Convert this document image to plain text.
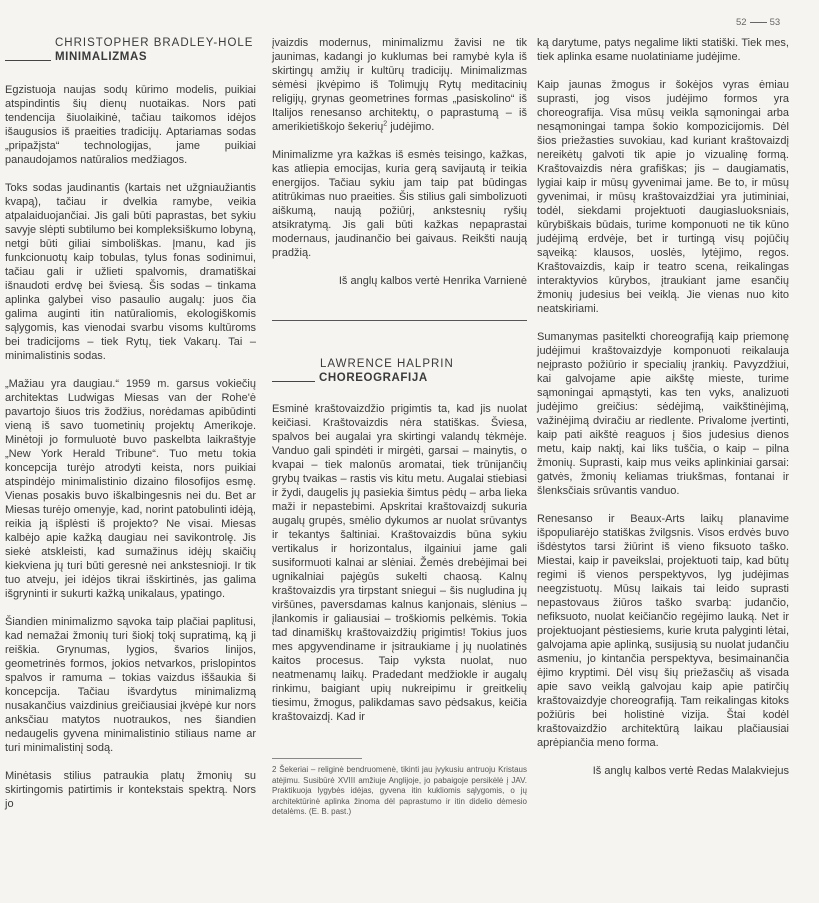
52 53
CHRISTOPHER BRADLEY-HOLE
MINIMALIZMAS

Egzistuoja naujas sodų kūrimo modelis, puikiai atspindintis šių dienų nuotaikas. Nors pati tendencija šiuolaikinė, tačiau taikomos idėjos išaugusios iš praeities tradicijų. Aptariamas sodas „pripažįsta“ technologijas, jame puikiai panaudojamos natūralios medžiagos.

Toks sodas jaudinantis (kartais net užgniaužiantis kvapą), tačiau ir dvelkia ramybe, veikia atpalaiduojančiai. Jis gali būti paprastas, bet sykiu savyje slėpti subtilumo bei kompleksiškumo lobyną, netgi būti giliai simboliškas. Įmanu, kad jis funkcionuotų kaip tobulas, tylus fonas sodinimui, tačiau gali ir užlieti spalvomis, dramatiškai išnaudoti erdvę bei šviesą. Šis sodas – tinkama aplinka galybei viso pasaulio augalų: juos čia galima auginti itin natūraliomis, ekologiškomis sąlygomis, kas vienodai svarbu visoms kultūroms bei tradicijoms – tiek Rytų, tiek Vakarų. Tai – minimalistinis sodas.

„Mažiau yra daugiau.“ 1959 m. garsus vokiečių architektas Ludwigas Miesas van der Rohe'ė pavartojo šiuos tris žodžius, norėdamas apibūdinti vieną iš savo tuometinių projektų Amerikoje. Minėtoji jo formuluotė buvo paskelbta laikraštyje „New York Herald Tribune“. Tuo metu tokia koncepcija turėjo atrodyti keista, nors puikiai atspindėjo minimalistinio dizaino filosofijos esmę. Vienas posakis buvo iškalbingesnis nei du. Bet ar Miesas turėjo omenyje, kad, norint patobulinti idėją, reikia ją išplėsti iš projekto? Ne visai. Miesas kalbėjo apie kažką daugiau nei savikontrolę. Jis siekė atskleisti, kad sumažinus idėjų skaičių kiekviena jų turi būti geresnė nei ankstesnioji. Ir tik tuo atveju, jei idėjos tikrai išskirtinės, jas galima išgryninti ir sukurti kažką unikalaus, ypatingo.

Šiandien minimalizmo sąvoka taip plačiai paplitusi, kad nemažai žmonių turi šiokį tokį supratimą, ką ji reiškia. Grynumas, lygios, švarios linijos, geometrinės formos, jokios netvarkos, prislopintos spalvos ir ramuma – tokias vaizdus iššaukia ši koncepcija. Tačiau išvardytus minimalizmą nusakančius vaizdinius greičiausiai įkvėpė kur nors anksčiau matytos nuotraukos, nes šiandien nedaugelis gyvena minimalistinio stiliaus name ar turi minimalistinį sodą.

Minėtasis stilius patraukia platų žmonių su skirtingomis patirtimis ir kontekstais spektrą. Nors jo

įvaizdis modernus, minimalizmu žavisi ne tik jaunimas, kadangi jo kuklumas bei ramybė kyla iš skirtingų amžių ir kultūrų tradicijų. Minimalizmas sėmėsi įkvėpimo iš Tolimųjų Rytų meditacinių religijų, grynas geometrines formas „pasiskolino“ iš Italijos renesanso architektų, o paprastumą – iš amerikietiškojo šekerių$^2$ judėjimo.

Minimalizme yra kažkas iš esmės teisingo, kažkas, kas atliepia emocijas, kuria gerą savijautą ir teikia energijos. Tačiau sykiu jam taip pat būdingas atitrūkimas nuo praeities. Šis stilius gali simbolizuoti aiškumą, naują požiūrį, ankstesnių ryšių atsikratymą. Jis gali būti kažkas nepaprastai modernaus, jaudinančio bei gaivaus. Reikšti naują pradžią.

Iš anglų kalbos vertė Henrika Varnienė

LAWRENCE HALPRIN
CHOREOGRAFIJA

Esminė kraštovaizdžio prigimtis ta, kad jis nuolat keičiasi. Kraštovaizdis nėra statiškas. Šviesa, spalvos bei augalai yra skirtingi valandų tėkmėje. Vanduo gali spindėti ir mirgėti, garsai – mainytis, o kvapai – tiek malonūs aromatai, tiek trūnijančių grybų tvaikas – rastis vis kitu metu. Augalai stiebiasi ir žydi, daugelis jų pasiekia šimtus pėdų – arba lieka maži ir nepastebimi. Apskritai kraštovaizdį sukuria augalų grupės, smėlio dykumos ar nuolat srūvantys ir tekantys šaltiniai. Kraštovaizdis būna sykiu vertikalus ir horizontalus, ilgainiui jame gali susiformuoti kalnai ar slėniai. Žemės drebėjimai bei ugnikalniai pajėgūs sukelti chaosą. Kalnų kraštovaizdis yra tirpstant sniegui – šis nugludina jų viršūnes, paversdamas kalnus kanjonais, slėnius – įlankomis ir galiausiai – troškiomis pelkėmis. Tokia tad dinamiškų kraštovaizdžių prigimtis! Tokius juos mes apgyvendiname ir įsitraukiame į jų nuolatinės kaitos procesus. Taip vyksta nuolat, nuo neatmenamų laikų. Pradedant medžiokle ir augalų rinkimu, baigiant upių nukreipimu ir greitkelių tiesimu, žmogus, palikdamas savo pėdsakus, keičia kraštovaizdį. Kad ir

2 Šekeriai – religinė bendruomenė, tikinti jau įvykusiu antruoju Kristaus atėjimu. Susibūrė XVIII amžiuje Anglijoje, jo pabaigoje persikėlė į JAV. Praktikuoja lygybės idėjas, gyvena itin kukliomis sąlygomis, o jų architektūrinė aplinka žinoma dėl paprastumo ir itin didelio dėmesio detalėms. (E. B. past.)

ką darytume, patys negalime likti statiški. Tiek mes, tiek aplinka esame nuolatiniame judėjime.

Kaip jaunas žmogus ir šokėjos vyras ėmiau suprasti, jog visos judėjimo formos yra choreografija. Visa mūsų veikla sąmoningai arba nesąmoningai tampa šokio kompozicijomis. Dėl šios priežasties suvokiau, kad kuriant kraštovaizdį nereikėtų galvoti tik apie jo vizualinę formą. Kraštovaizdis nėra grafiškas; jis – daugiamatis, lygiai kaip ir mūsų gyvenimai jame. Be to, ir mūsų gyvenimai, ir mūsų kraštovaizdžiai yra jutiminiai, todėl, siekdami projektuoti daugiasluoksniais, kūrybiškais būdais, turime komponuoti ne tik kūno judėjimą erdvėje, bet ir turtingą visų pojūčių sąveiką: klausos, uoslės, lytėjimo, regos. Kraštovaizdis, kaip ir teatro scena, reikalingas interaktyvios kūrybos, įtraukiant jame esančių žmonių judesius bei veiklą. Jie vienas nuo kito neatskiriami.

Sumanymas pasitelkti choreografiją kaip priemonę judėjimui kraštovaizdyje komponuoti reikalauja neįprasto požiūrio ir specialių įrankių. Pavyzdžiui, kai galvojame apie aikštę mieste, turime sąmoningai apmąstyti, kas ten vyks, analizuoti judėjimo greičius: sėdėjimą, vaikštinėjimą, važinėjimą dviračiu ar riedlente. Privalome įvertinti, kaip pati aikštė reaguos į šios judesius dienos metu, kaip naktį, kai liks tuščia, o kaip – pilna žmonių. Suprasti, kaip mus veiks aplinkiniai garsai: gatvės, žmonių keliamas triukšmas, fontanai ir šlenksčiais srūvantis vanduo.

Renesanso ir Beaux-Arts laikų planavime išpopuliarėjo statiškas žvilgsnis. Visos erdvės buvo išdėstytos tarsi žiūrint iš vieno fiksuoto taško. Miestai, kaip ir paveikslai, projektuoti taip, kad būtų regimi iš vienos perspektyvos, lyg judėjimas neegzistuotų. Mūsų laikais tai leido suprasti nepastovaus žiūros taško svarbą: judančio, nefiksuoto, nuolat keičiančio regėjimo lauką. Net ir projektuojant pėstiesiems, kurie kruta palyginti lėtai, galvojama apie aplinką, susijusią su nuolat judančiu asmeniu, jo kintančia perspektyva, besimainančia ėjimo kryptimi. Dėl visų šių priežasčių aš visada apie savo veiklą galvojau kaip apie patirčių kraštovaizdyje choreografiją. Tam reikalingas kitoks požiūris bei holistinė vizija. Štai kodėl kraštovaizdžio architektūrą laikau plačiausiai aprėpiančia meno forma.

Iš anglų kalbos vertė Redas Malakviejus
